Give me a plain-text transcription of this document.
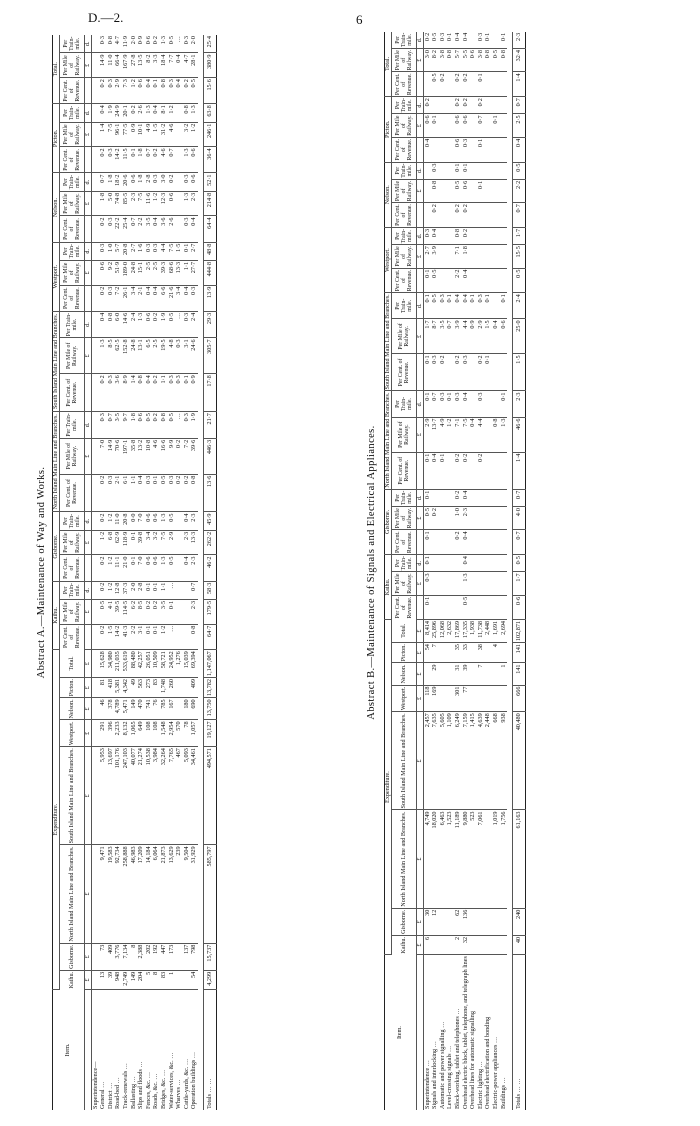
D.—2.	6
Abstract A.—Maintenance of Way and Works.
Item.	Expenditure.								Kaihu.			Gisborne.			North Island Main Line and Branches.			South Island Main Line and Branches.			Westport.			Nelson.			Picton.			Total.		
	Kaihu.	Gisborne.	North Island Main Line and Branches.	South Island Main Line and Branches.	Westport.	Nelson.	Picton.	Total.																								
									Per Cent. of Revenue.	Per Mile of Railway.	Per Train-mile.	Per Cent. of Revenue.	Per Mile of Railway.	Per Train-mile.	Per Cent. of Revenue.	Per Mile of Railway.	Per Train-mile.	Per Cent. of Revenue.	Per Mile of Railway.	Per Train-mile.	Per Cent. of Revenue.	Per Mile of Railway.	Per Train-mile.	Per Cent. of Revenue.	Per Mile of Railway.	Per Train-mile.	Per Cent. of Revenue.	Per Mile of Railway.	Per Train-mile.	Per Cent. of Revenue.	Per Mile of Railway.	Per Train-mile.
	£	£	£	£	£	£	£	£		£	d.		£	d.		£	d.		£	d.		£	d.		£	d.		£	d.		£	d.
Superintendence—																																
General …	13	73	9,471	5,953	291	46	81	15,628	0·2	0·5	0·2	0·2	1·2	0·2	0·2	7·0	0·3	0·2	1·3	0·4	0·2	0·6	0·3	0·2	1·8	0·7	0·2	1·4	0·4	0·2	14·9	0·3
District …	39	409	19,583	13,697	396	378	418	34,980	1·5	4·1	1·2	1·2	6·8	1·2	0·3	14·9	0·7	0·3	8·5	0·8	0·3	9·2	1·0	0·3	5·0	1·8	0·3	7·5	1·9	0·3	11·0	0·8
Road-bed …	948	3,776	92,734	101,176	2,233	4,789	5,381	211,035	14·2	39·5	12·8	11·1	62·9	11·0	2·1	70·6	3·5	3·6	62·5	6·0	7·2	51·9	5·7	22·2	74·8	18·2	14·2	96·1	24·9	2·9	66·4	4·7
Track-renewals …	2,749	7,134	258,888	247,103	8,132	5,471	4,342	533,619	41·3	114·5	37·3	21·0	118·9	20·8	6·1	197·1	9·7	8·9	152·8	14·6	26·1	189·0	20·8	25·4	85·5	20·6	11·5	77·5	20·1	7·3	167·9	11·9
Ballasting …	149	8	46,983	40,077	1,065	149	49	88,480	2·2	6·2	2·0	0·1	0·1	0·0	1·1	35·8	1·8	1·4	24·8	2·4	3·4	24·8	2·7	0·7	2·3	0·6	0·1	0·9	0·2	1·2	27·8	2·0
Slips and floods …	204	2,388	17,209	21,274	649	470	563	42,257	3·1	8·5	2·8	7·0	39·8	7·0	0·4	13·2	0·6	0·8	13·1	1·3	2·1	15·1	1·6	2·2	7·5	1·8	1·8	10·1	2·6	0·6	13·5	0·9
Fences, &c. …	5	202	14,184	10,538	108	741	273	26,051	0·1	0·2	0·1	0·6	3·4	0·6	0·3	10·8	0·5	0·4	6·5	0·6	0·4	2·5	0·3	3·5	11·6	2·8	0·7	4·9	1·3	0·4	8·2	0·6
Roads, &c. …	8	192	6,064	3,984	108	76	83	10,509	0·1	0·2	0·1	0·6	3·2	0·6	0·1	4·6	0·2	0·2	2·5	0·2	0·4	2·5	0·3	0·4	1·2	0·3	0·2	1·5	0·4	0·1	3·3	0·2
Bridges, &c. …	83	447	21,873	32,264	1,548	785	1,748	58,721	1·2	3·5	1·1	1·3	7·5	1·3	0·5	16·6	0·8	1·1	19·5	1·9	6·6	39·3	4·4	3·6	12·3	3·0	4·6	31·2	8·1	0·8	18·4	1·3
Water-services, &c. …	1	173	13,629	7,765	2,954	167	260	24,952	…	0·1	…	0·5	2·9	0·5	0·3	9·9	0·5	0·3	4·8	0·5	21·6	68·6	7·5	2·6	0·6	0·2	0·7	4·6	1·2	0·3	7·7	0·5
Wharves …			239	467	570			1,276							0·2	0·2	…	0·3	0·3	…	3·4	13·3	1·5							0·4	0·4	…
Cattle-yards, &c. …		137	9,504	5,093	78	180		15,039				0·4	2·3	0·4	0·2	7·2	0·3	0·1	3·1	0·3	0·4	1·1	0·1	0·3	1·3	0·3	1·3	3·2	0·8	0·2	4·7	0·3
Operation buildings …	54	798	31,929	34,461	1,057	690	409	69,394	0·8	2·3	0·7	2·3	13·3	2·3	0·8	39·6	1·9	0·9	24·6	2·4	0·3	27·7	2·7	0·4	2·3	0·6	0·6	1·2	1·3	0·5	28·1	2·0

Totals … …	4,299	15,737	585,797	494,571	19,127	13,750	13,782	1,147,067	64·7	179·5	58·3	46·2	262·2	45·9	13·6	446·3	21·7	17·8	305·7	29·3	13·9	444·8	48·8	64·4	214·8	52·1	36·4	246·1	63·8	15·6	380·9	25·4
Abstract B.—Maintenance of Signals and Electrical Appliances.
Item.	Expenditure.								Kaihu.			Gisborne.			North Island Main Line and Branches.			South Island Main Line and Branches.			Westport.			Nelson.			Picton.			Total.		
	Kaihu.	Gisborne.	North Island Main Line and Branches.	South Island Main Line and Branches.	Westport.	Nelson.	Picton.	Total.																								
									Per Cent. of Revenue.	Per Mile of Railway.	Per Train-mile.	Per Cent. of Revenue.	Per Mile of Railway.	Per Train-mile.	Per Cent. of Revenue.	Per Mile of Railway.	Per Train-mile.	Per Cent. of Revenue.	Per Mile of Railway.	Per Train-mile.	Per Cent. of Revenue.	Per Mile of Railway.	Per Train-mile.	Per Cent. of Revenue.	Per Mile of Railway.	Per Train-mile.	Per Cent. of Revenue.	Per Mile of Railway.	Per Train-mile.	Per Cent. of Revenue.	Per Mile of Railway.	Per Train-mile.
	£	£	£	£	£	£	£	£		£	d.		£	d.		£	d.		£	d.		£	d.		£	d.		£	d.		£	d.
Superintendence …	6	30	4,749	2,457	118		54	8,414	0·1	0·3	0·1	0·1	0·5	0·1	0·1	2·9	0·1	0·1	1·7	0·1	0·1	2·7	0·3				0·4	0·6	0·2		3·0	0·2
Signals and interlocking …		12	18,020	7,635	169	29	7	25,896					0·2		0·4	13·7	0·7	0·3	8·7	0·5	0·5	3·9	0·4	0·2	0·8	0·3		0·1		0·5	8·2	0·5
Automatic and power signalling …			6,463	5,605				12,068							0·1	4·9	0·3	0·2	3·5	0·3										0·2	3·8	0·3
Level-crossing signals …			1,523	1,109				2,632								1·2	0·1		0·7	0·1											0·8	0·1
Block-working, tablet and telephones …	2	62	11,189	6,249	301	31	35	17,869				0·2	1·0	0·2	0·2	7·1	0·3	0·2	3·9	0·4	2·2	7·1	0·8	0·2	0·5	0·1	0·6	0·6	0·2	0·2	5·7	0·4
Overhead electric block, tablet, telephone, and telegraph lines	32	136	9,880	7,159	77	39	33	17,335	0·5	1·3	0·4	0·4	2·3	0·4	0·2	7·5	0·4	0·3	4·4	0·4	0·4	1·8	0·2	0·2	0·6	0·1	0·3	0·6	0·2	0·2	5·5	0·4
Overhead lines for automatic signalling			523	1,415				1,938								0·4			0·9	0·1											0·6	
Electric lighting …			7,061	4,639		7	38	11,738							0·2	4·4	0·3	0·2	2·9	0·3					0·1		0·1	0·7	0·2	0·1	3·8	0·3
Overhead electrification and bonding				2,448				2,448										0·1	1·5	0·1											0·8	0·1
Electric-power appliances …			1,019	668			4	1,691								0·8			0·4									0·1			0·5	
Buildings …			1,756	938		1		2,694								1·3	0·1		0·6	0·1											0·8	0·1

Totals … …	40	240	61,163	40,480	666	141	141	102,871	0·6	1·7	0·5	0·7	4·0	0·7	1·4	46·6	2·3	1·5	25·0	2·4	0·5	15·5	1·7	0·7	2·2	0·5	0·4	2·5	0·7	1·4	32·4	2·3
